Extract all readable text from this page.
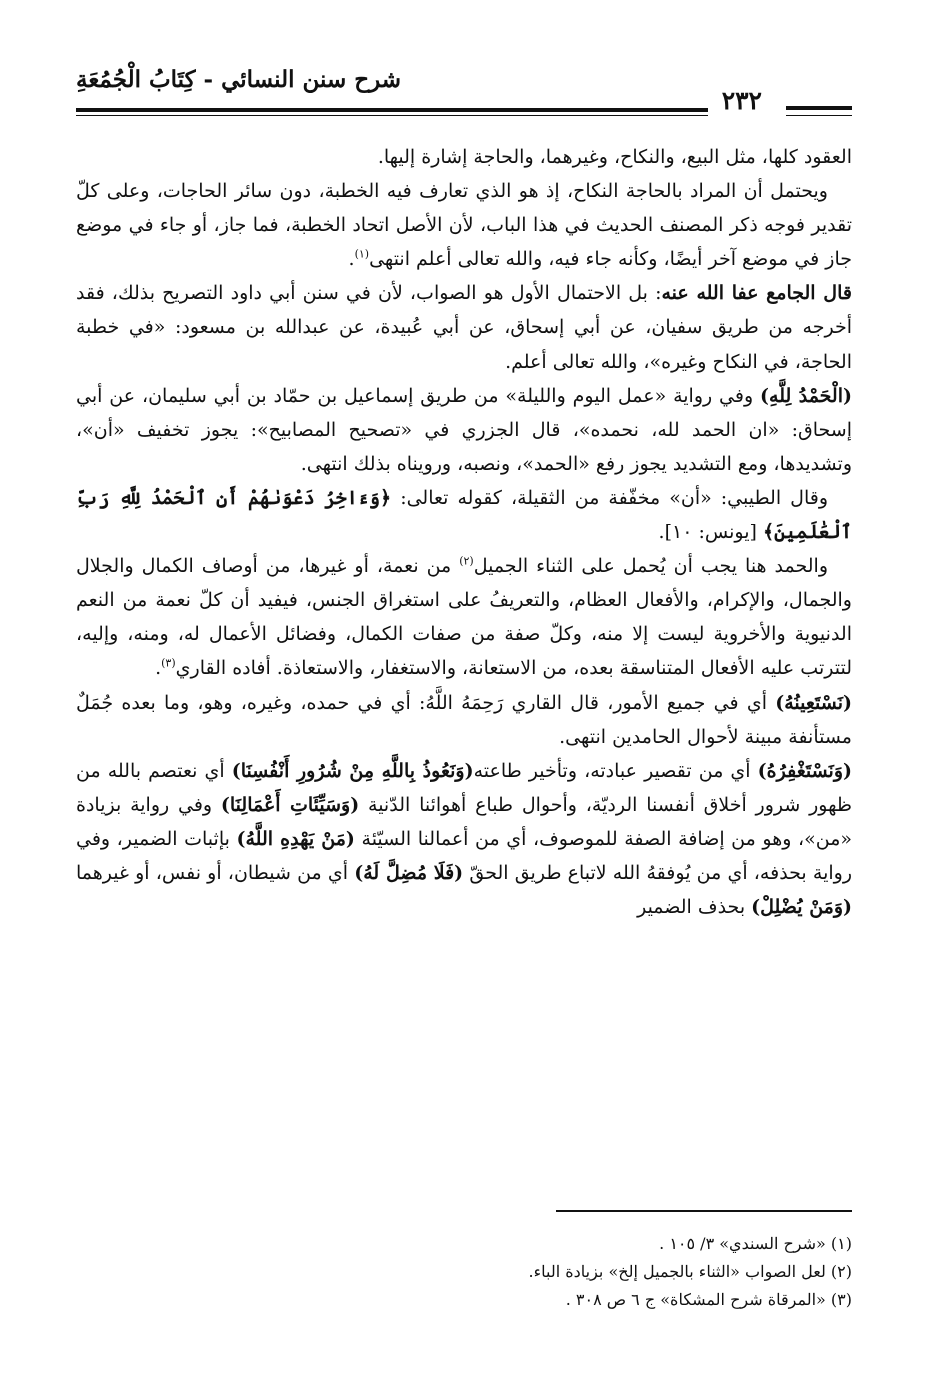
شرح سنن النسائي - كِتَابُ الْجُمُعَةِ
٢٣٢

العقود كلها، مثل البيع، والنكاح، وغيرهما، والحاجة إشارة إليها.

ويحتمل أن المراد بالحاجة النكاح، إذ هو الذي تعارف فيه الخطبة، دون سائر الحاجات، وعلى كلّ تقدير فوجه ذكر المصنف الحديث في هذا الباب، لأن الأصل اتحاد الخطبة، فما جاز، أو جاء في موضع جاز في موضع آخر أيضًا، وكأنه جاء فيه، والله تعالى أعلم انتهى$^{(١)}$.

قال الجامع عفا الله عنه: بل الاحتمال الأول هو الصواب، لأن في سنن أبي داود التصريح بذلك، فقد أخرجه من طريق سفيان، عن أبي إسحاق، عن أبي عُبيدة، عن عبدالله بن مسعود: «في خطبة الحاجة، في النكاح وغيره»، والله تعالى أعلم.

(الْحَمْدُ لِلَّهِ) وفي رواية «عمل اليوم والليلة» من طريق إسماعيل بن حمّاد بن أبي سليمان، عن أبي إسحاق: «ان الحمد لله، نحمده»، قال الجزري في «تصحيح المصابيح»: يجوز تخفيف «أن»، وتشديدها، ومع التشديد يجوز رفع «الحمد»، ونصبه، ورويناه بذلك انتهى.

وقال الطيبي: «أن» مخفّفة من الثقيلة، كقوله تعالى: ﴿وَءَاخِرُ دَعْوَىٰهُمْ أَنِ ٱلْحَمْدُ لِلَّهِ رَبِّ ٱلْعَٰلَمِينَ﴾ [يونس: ١٠].

والحمد هنا يجب أن يُحمل على الثناء الجميل$^{(٢)}$ من نعمة، أو غيرها، من أوصاف الكمال والجلال والجمال، والإكرام، والأفعال العظام، والتعريفُ على استغراق الجنس، فيفيد أن كلّ نعمة من النعم الدنيوية والأخروية ليست إلا منه، وكلّ صفة من صفات الكمال، وفضائل الأعمال له، ومنه، وإليه، لتترتب عليه الأفعال المتناسقة بعده، من الاستعانة، والاستغفار، والاستعاذة. أفاده القاري$^{(٣)}$.

(نَسْتَعِينُهُ) أي في جميع الأمور، قال القاري رَحِمَهُ اللَّهُ: أي في حمده، وغيره، وهو، وما بعده جُمَلٌ مستأنفة مبينة لأحوال الحامدين انتهى.

(وَنَسْتَغْفِرُهُ) أي من تقصير عبادته، وتأخير طاعته(وَنَعُوذُ بِاللَّهِ مِنْ شُرُورِ أَنْفُسِنَا) أي نعتصم بالله من ظهور شرور أخلاق أنفسنا الرديّة، وأحوال طباع أهوائنا الدّنية (وَسَيِّئَاتِ أَعْمَالِنَا) وفي رواية بزيادة «من»، وهو من إضافة الصفة للموصوف، أي من أعمالنا السيّئة (مَنْ يَهْدِهِ اللَّهُ) بإثبات الضمير، وفي رواية بحذفه، أي من يُوفقهُ الله لاتباع طريق الحقّ (فَلَا مُضِلَّ لَهُ) أي من شيطان، أو نفس، أو غيرهما (وَمَنْ يُضْلِلْ) بحذف الضمير

(١) «شرح السندي» ٣/ ١٠٥ .

(٢) لعل الصواب «الثناء بالجميل إلخ» بزيادة الباء.

(٣) «المرقاة شرح المشكاة» ج ٦ ص ٣٠٨ .
